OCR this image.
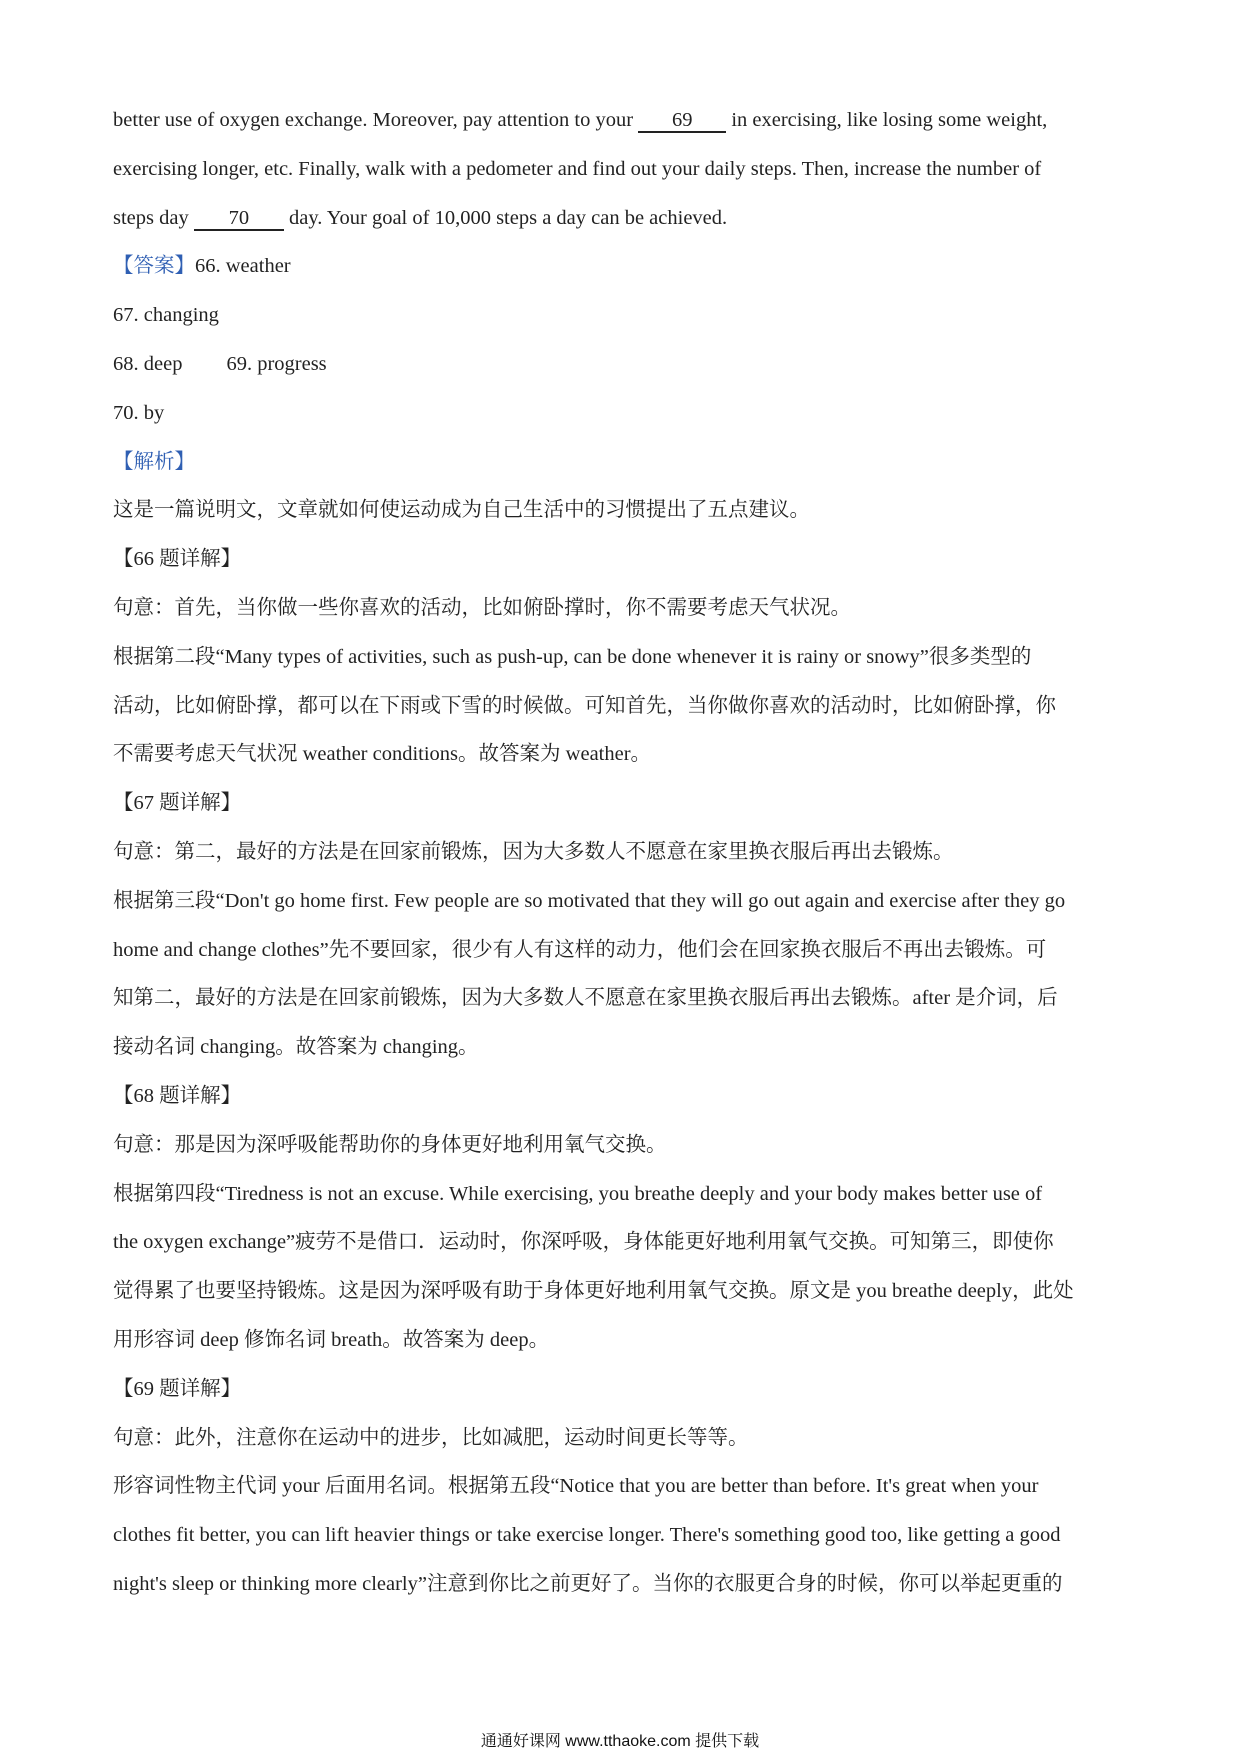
better use of oxygen exchange. Moreover, pay attention to your 69 in exercising, like losing some weight,
exercising longer, etc. Finally, walk with a pedometer and find out your daily steps. Then, increase the number of
steps day 70 day. Your goal of 10,000 steps a day can be achieved.
【答案】66. weather
67. changing
68. deep 69. progress
70. by
【解析】
这是一篇说明文，文章就如何使运动成为自己生活中的习惯提出了五点建议。
【66 题详解】
句意：首先，当你做一些你喜欢的活动，比如俯卧撑时，你不需要考虑天气状况。
根据第二段“Many types of activities, such as push-up, can be done whenever it is rainy or snowy”很多类型的
活动，比如俯卧撑，都可以在下雨或下雪的时候做。可知首先，当你做你喜欢的活动时，比如俯卧撑，你
不需要考虑天气状况 weather conditions。故答案为 weather。
【67 题详解】
句意：第二，最好的方法是在回家前锻炼，因为大多数人不愿意在家里换衣服后再出去锻炼。
根据第三段“Don't go home first. Few people are so motivated that they will go out again and exercise after they go
home and change clothes”先不要回家，很少有人有这样的动力，他们会在回家换衣服后不再出去锻炼。可
知第二，最好的方法是在回家前锻炼，因为大多数人不愿意在家里换衣服后再出去锻炼。after 是介词，后
接动名词 changing。故答案为 changing。
【68 题详解】
句意：那是因为深呼吸能帮助你的身体更好地利用氧气交换。
根据第四段“Tiredness is not an excuse. While exercising, you breathe deeply and your body makes better use of
the oxygen exchange”疲劳不是借口．运动时，你深呼吸，身体能更好地利用氧气交换。可知第三，即使你
觉得累了也要坚持锻炼。这是因为深呼吸有助于身体更好地利用氧气交换。原文是 you breathe deeply，此处
用形容词 deep 修饰名词 breath。故答案为 deep。
【69 题详解】
句意：此外，注意你在运动中的进步，比如减肥，运动时间更长等等。
形容词性物主代词 your 后面用名词。根据第五段“Notice that you are better than before. It's great when your
clothes fit better, you can lift heavier things or take exercise longer. There's something good too, like getting a good
night's sleep or thinking more clearly”注意到你比之前更好了。当你的衣服更合身的时候，你可以举起更重的
通通好课网 www.tthaoke.com 提供下载
